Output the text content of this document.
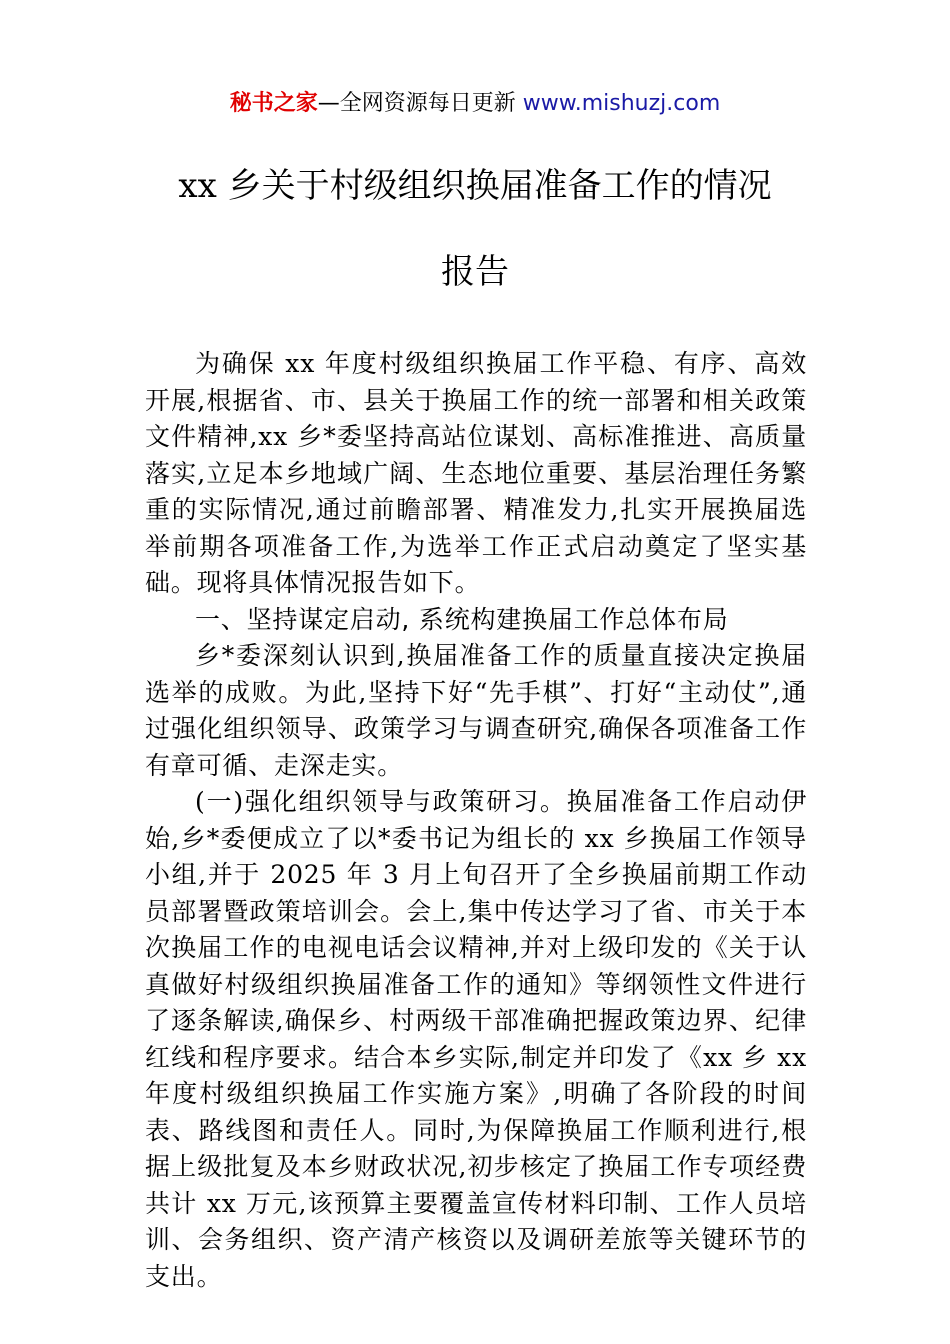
秘书之家—全网资源每日更新 www.mishuzj.com
xx 乡关于村级组织换届准备工作的情况
报告

为确保 xx 年度村级组织换届工作平稳、有序、高效开展,根据省、市、县关于换届工作的统一部署和相关政策文件精神,xx 乡*委坚持高站位谋划、高标准推进、高质量落实,立足本乡地域广阔、生态地位重要、基层治理任务繁重的实际情况,通过前瞻部署、精准发力,扎实开展换届选举前期各项准备工作,为选举工作正式启动奠定了坚实基础。现将具体情况报告如下。

一、坚持谋定启动, 系统构建换届工作总体布局

乡*委深刻认识到,换届准备工作的质量直接决定换届选举的成败。为此,坚持下好“先手棋”、打好“主动仗”,通过强化组织领导、政策学习与调查研究,确保各项准备工作有章可循、走深走实。

(一)强化组织领导与政策研习。换届准备工作启动伊始,乡*委便成立了以*委书记为组长的 xx 乡换届工作领导小组,并于 2025 年 3 月上旬召开了全乡换届前期工作动员部署暨政策培训会。会上,集中传达学习了省、市关于本次换届工作的电视电话会议精神,并对上级印发的《关于认真做好村级组织换届准备工作的通知》等纲领性文件进行了逐条解读,确保乡、村两级干部准确把握政策边界、纪律红线和程序要求。结合本乡实际,制定并印发了《xx 乡 xx 年度村级组织换届工作实施方案》,明确了各阶段的时间表、路线图和责任人。同时,为保障换届工作顺利进行,根据上级批复及本乡财政状况,初步核定了换届工作专项经费共计 xx 万元,该预算主要覆盖宣传材料印制、工作人员培训、会务组织、资产清产核资以及调研差旅等关键环节的支出。
